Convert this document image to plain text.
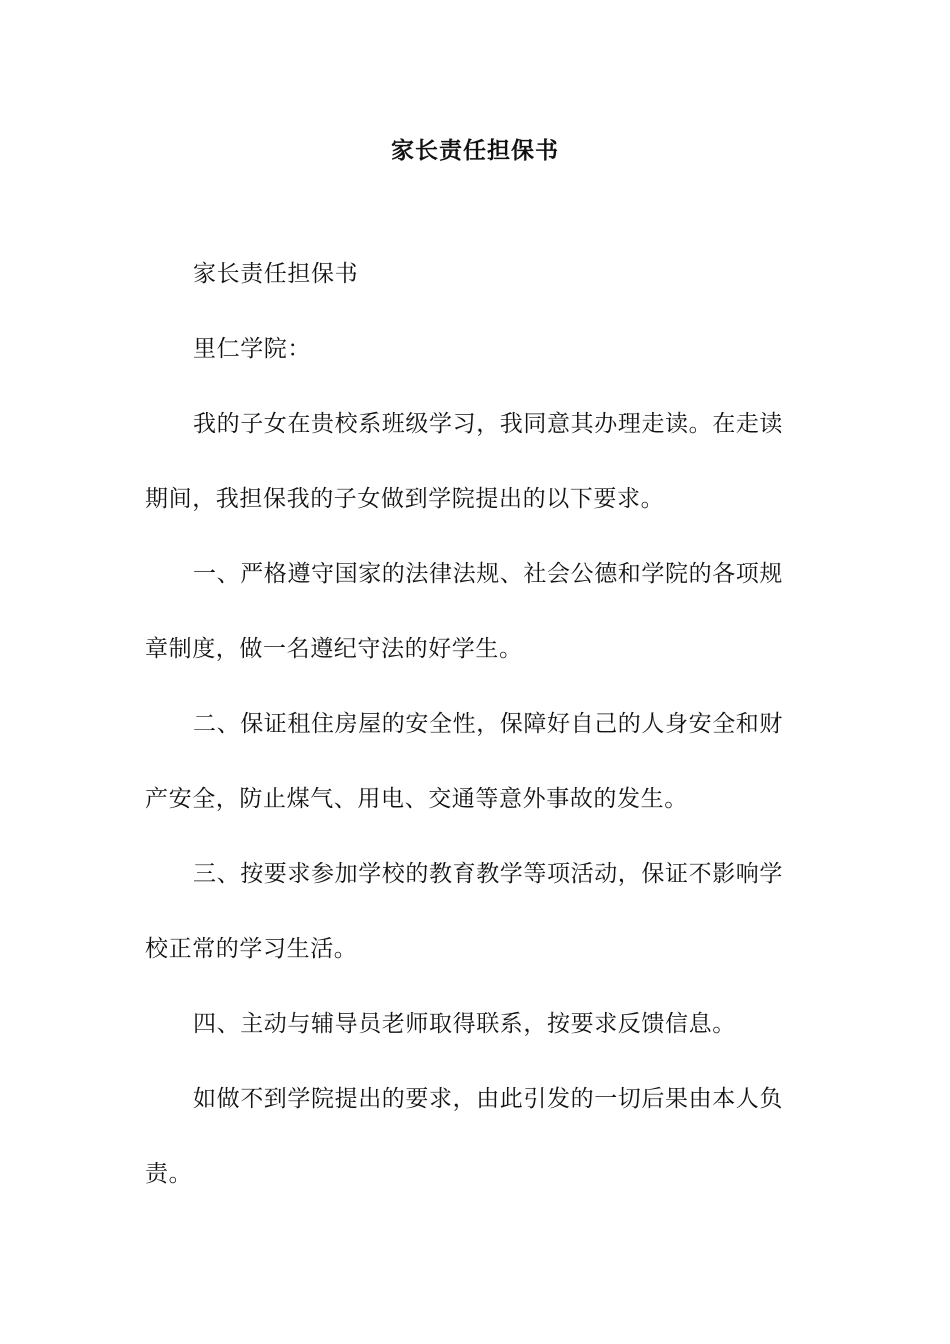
家长责任担保书

家长责任担保书

里仁学院：

我的子女在贵校系班级学习，我同意其办理走读。在走读

期间，我担保我的子女做到学院提出的以下要求。

一、严格遵守国家的法律法规、社会公德和学院的各项规

章制度，做一名遵纪守法的好学生。

二、保证租住房屋的安全性，保障好自己的人身安全和财

产安全，防止煤气、用电、交通等意外事故的发生。

三、按要求参加学校的教育教学等项活动，保证不影响学

校正常的学习生活。

四、主动与辅导员老师取得联系，按要求反馈信息。

如做不到学院提出的要求，由此引发的一切后果由本人负

责。
